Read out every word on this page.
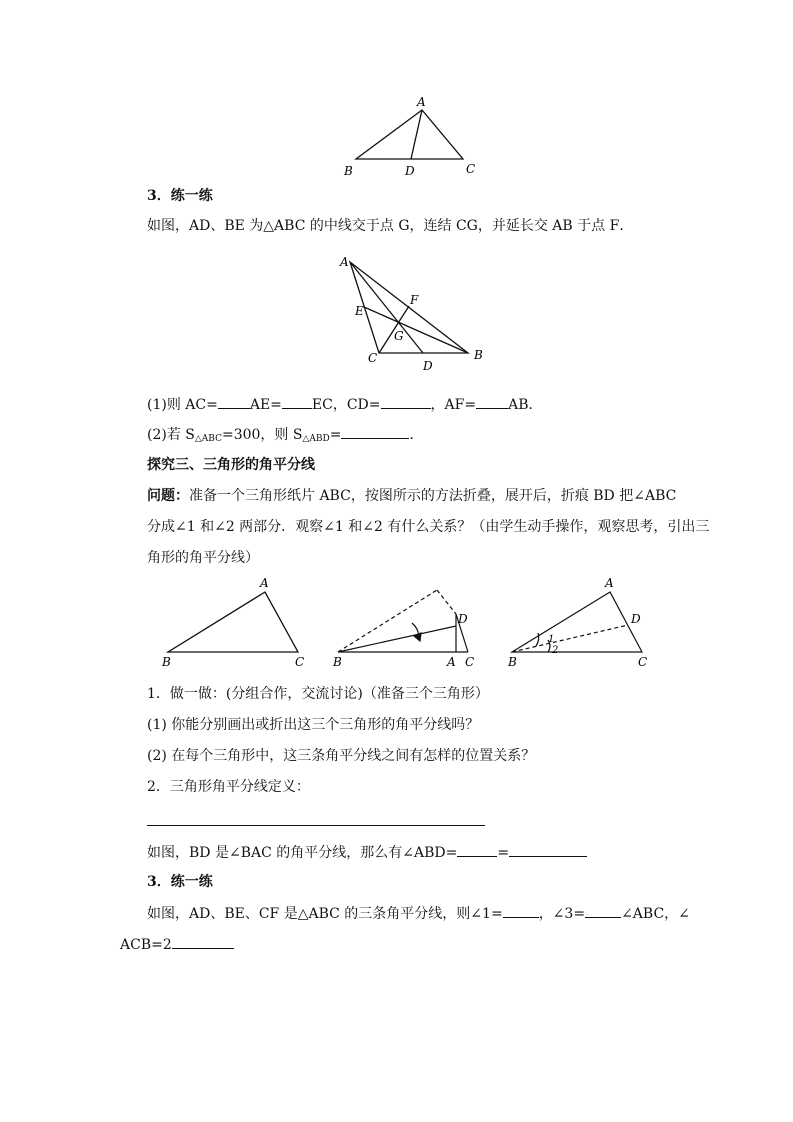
A
B	D	C
3．练一练
如图，AD、BE 为△ABC 的中线交于点 G，连结 CG，并延长交 AB 于点 F．
A
E
F
G
C
D
B
(1)则 AC= AE= EC，CD=	，AF= AB．
(2)若 $S_{\triangle ABC}=300$，则 $S_{\triangle ABD}=$	．
探究三、三角形的角平分线
问题：准备一个三角形纸片 ABC，按图所示的方法折叠，展开后，折痕 BD 把∠ABC
分成∠1 和∠2 两部分．观察∠1 和∠2 有什么关系？（由学生动手操作，观察思考，引出三
角形的角平分线）
A
B	C
D
B	A C
A
D
1
2
B	C
1．做一做：(分组合作，交流讨论)（准备三个三角形）
(1) 你能分别画出或折出这三个三角形的角平分线吗？
(2) 在每个三角形中，这三条角平分线之间有怎样的位置关系？
2．三角形角平分线定义：
如图，BD 是∠BAC 的角平分线，那么有∠ABD=	=
3．练一练
如图，AD、BE、CF 是△ABC 的三条角平分线，则∠1=	，∠3=	∠ABC，∠
ACB=2
